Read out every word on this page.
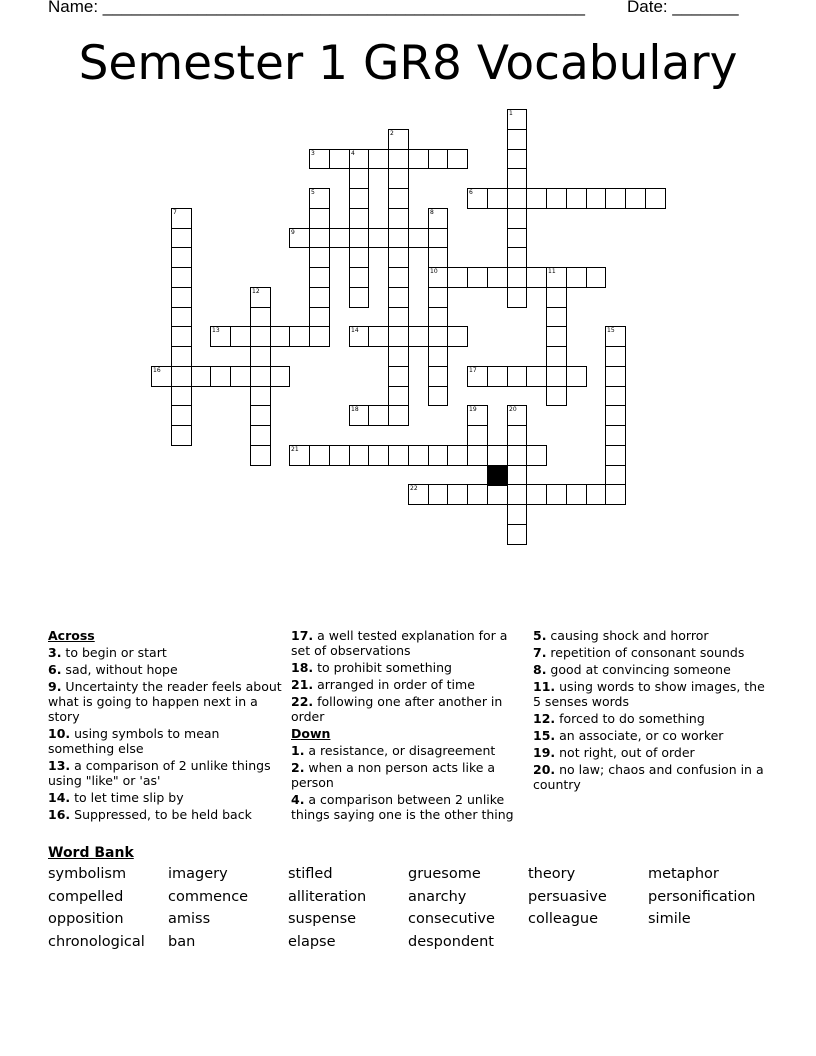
Name: ___________________________________________________ Date: _______
Semester 1 GR8 Vocabulary
1
2
3	4
5	6
7	8
10
9
11
12
13	14	15
16	17
18	19	20
21
22
Across
3. to begin or start
6. sad, without hope
9. Uncertainty the reader feels about what is going to happen next in a story
10. using symbols to mean something else
13. a comparison of 2 unlike things using "like" or 'as'
14. to let time slip by
16. Suppressed, to be held back
17. a well tested explanation for a set of observations
18. to prohibit something
21. arranged in order of time
22. following one after another in order
Down
1. a resistance, or disagreement
2. when a non person acts like a person
4. a comparison between 2 unlike things saying one is the other thing
5. causing shock and horror
7. repetition of consonant sounds
8. good at convincing someone
11. using words to show images, the 5 senses words
12. forced to do something
15. an associate, or co worker
19. not right, out of order
20. no law; chaos and confusion in a country
Word Bank
symbolism	imagery	stifled	gruesome	theory	metaphor
compelled	commence	alliteration	anarchy	persuasive	personification
opposition	amiss	suspense	consecutive	colleague	simile
chronological	ban	elapse	despondent
